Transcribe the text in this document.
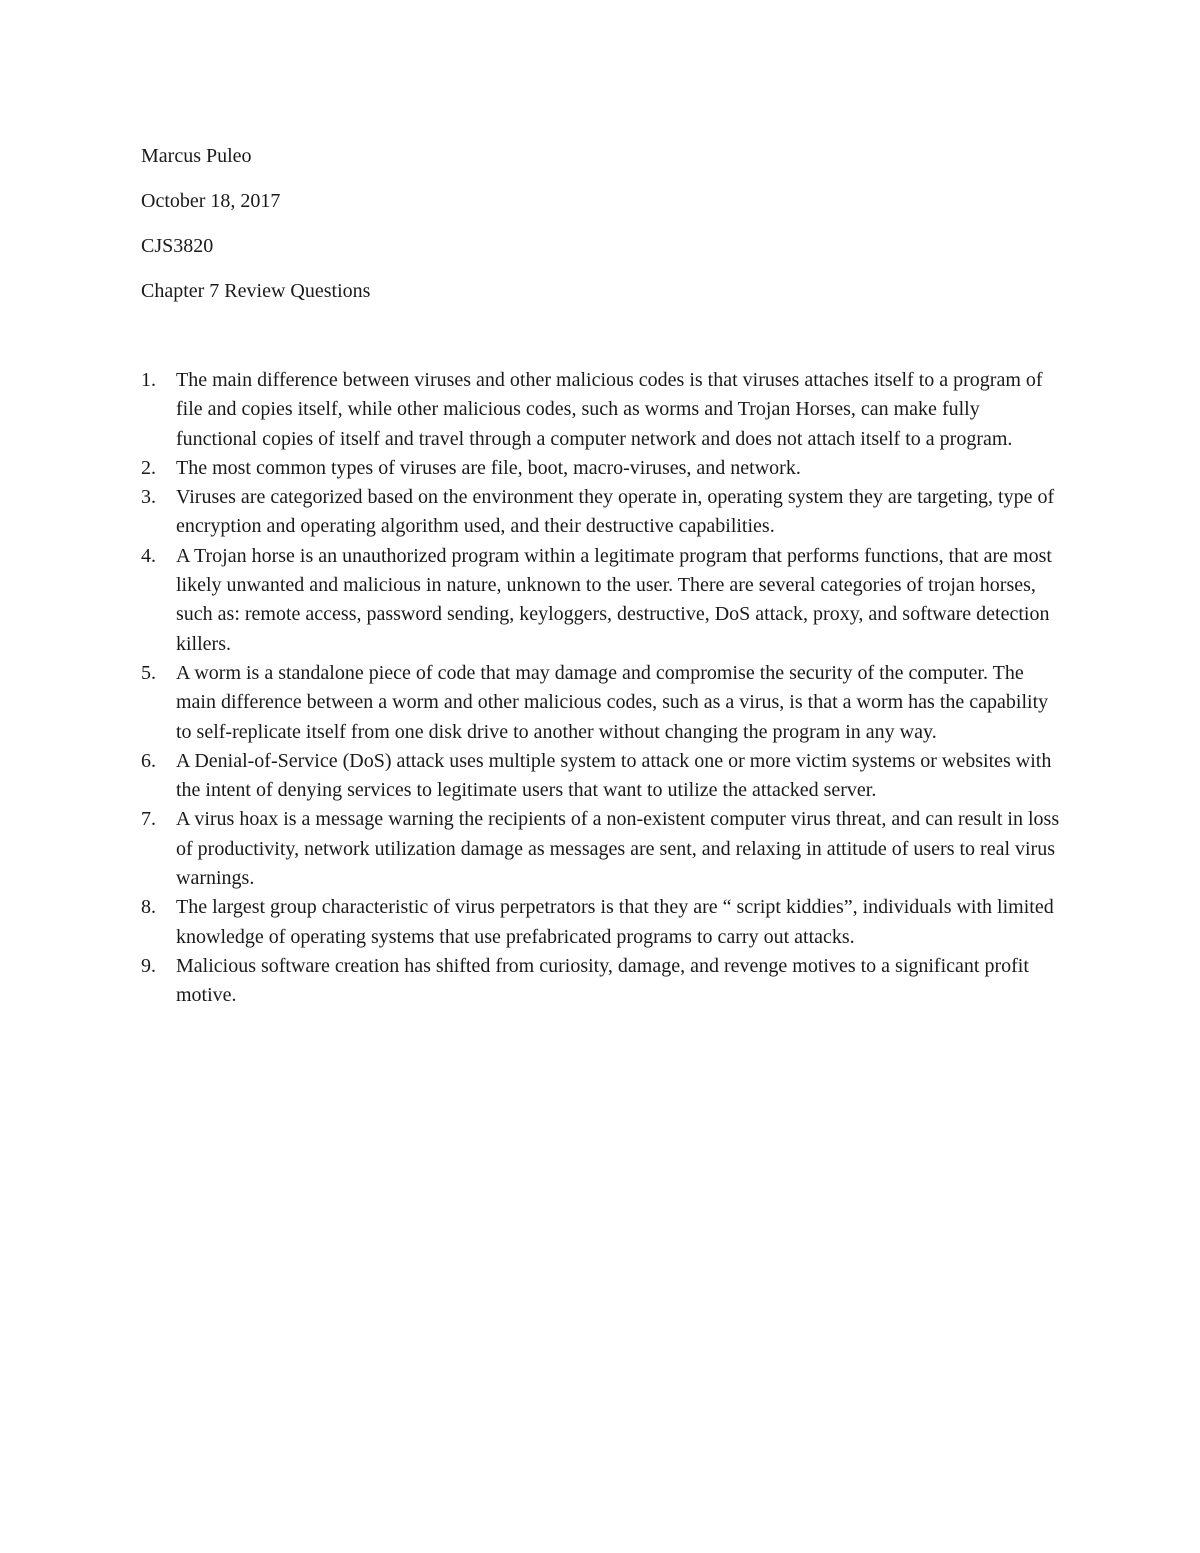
Marcus Puleo
October 18, 2017
CJS3820
Chapter 7 Review Questions
1.	The main difference between viruses and other malicious codes is that viruses attaches itself to a program of file and copies itself, while other malicious codes, such as worms and Trojan Horses, can make fully functional copies of itself and travel through a computer network and does not attach itself to a program.
2.	The most common types of viruses are file, boot, macro-viruses, and network.
3.	Viruses are categorized based on the environment they operate in, operating system they are targeting, type of encryption and operating algorithm used, and their destructive capabilities.
4.	A Trojan horse is an unauthorized program within a legitimate program that performs functions, that are most likely unwanted and malicious in nature, unknown to the user. There are several categories of trojan horses, such as: remote access, password sending, keyloggers, destructive, DoS attack, proxy, and software detection killers.
5.	A worm is a standalone piece of code that may damage and compromise the security of the computer. The main difference between a worm and other malicious codes, such as a virus, is that a worm has the capability to self-replicate itself from one disk drive to another without changing the program in any way.
6.	A Denial-of-Service (DoS) attack uses multiple system to attack one or more victim systems or websites with the intent of denying services to legitimate users that want to utilize the attacked server.
7.	A virus hoax is a message warning the recipients of a non-existent computer virus threat, and can result in loss of productivity, network utilization damage as messages are sent, and relaxing in attitude of users to real virus warnings.
8.	The largest group characteristic of virus perpetrators is that they are “ script kiddies”, individuals with limited knowledge of operating systems that use prefabricated programs to carry out attacks.
9.	Malicious software creation has shifted from curiosity, damage, and revenge motives to a significant profit motive.
